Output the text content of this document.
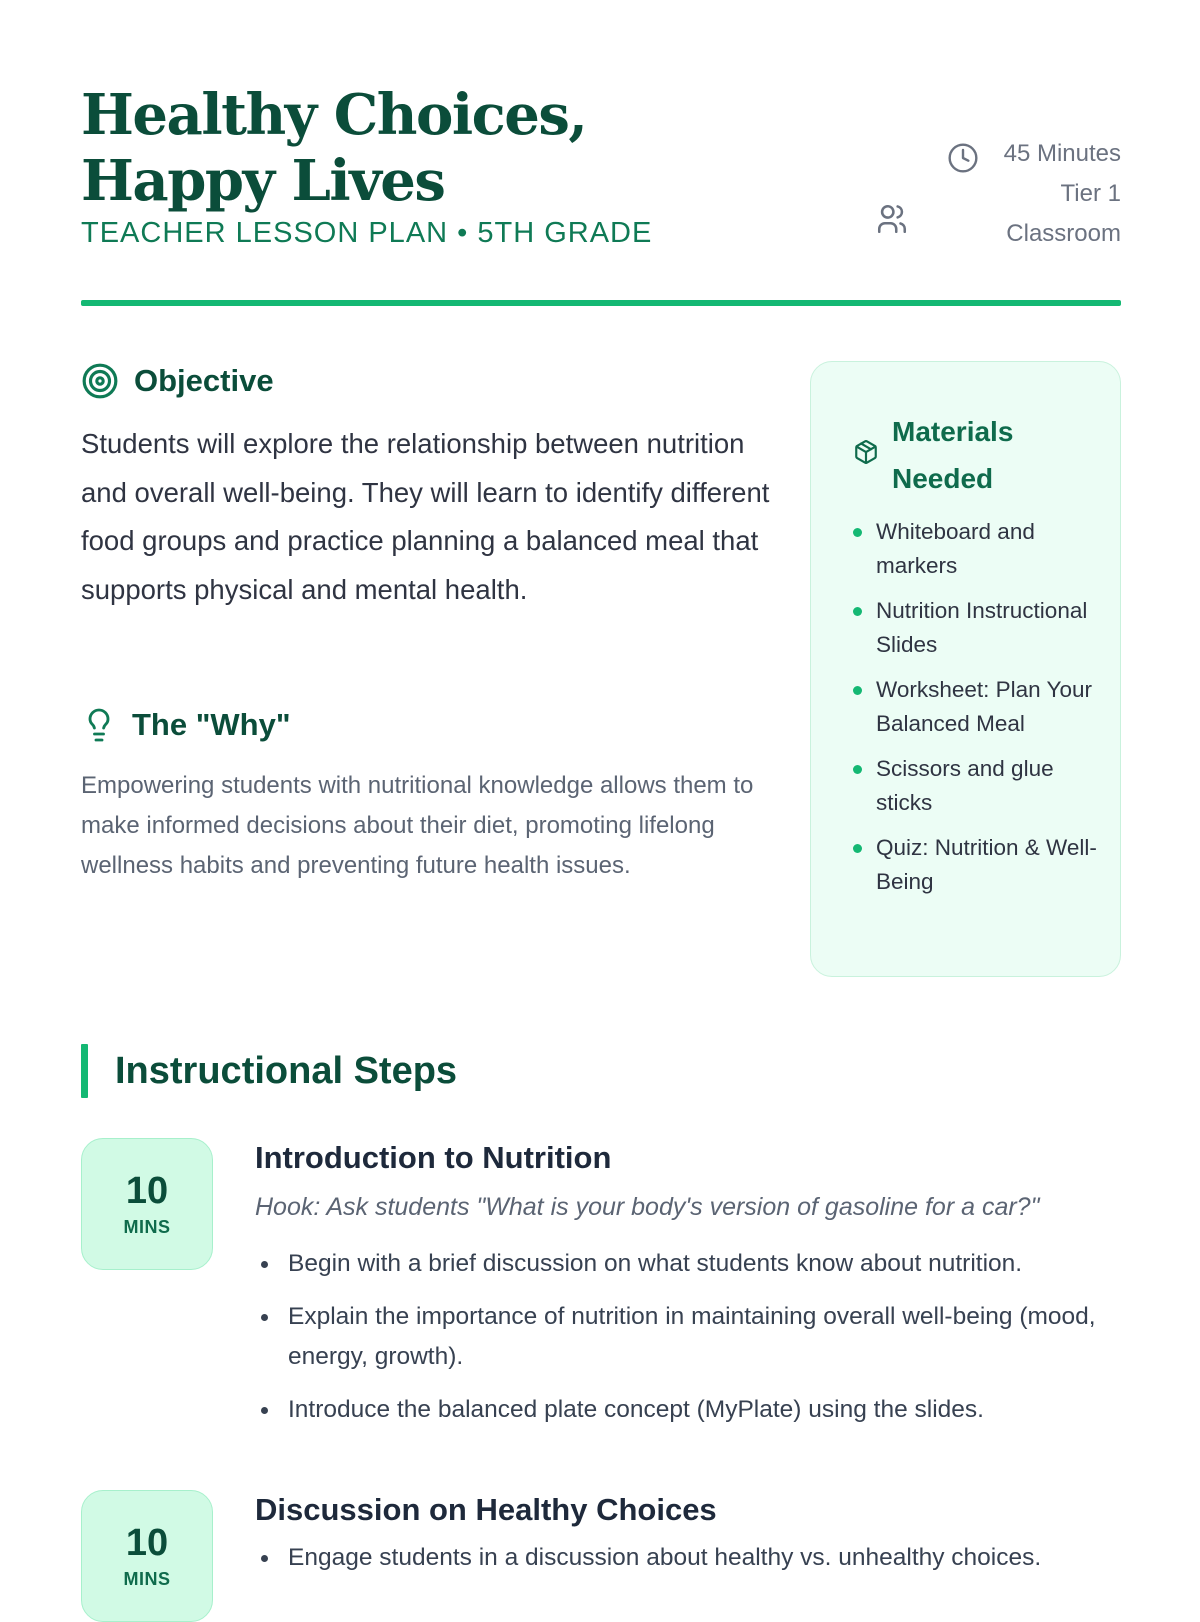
Healthy Choices, Happy Lives
TEACHER LESSON PLAN • 5TH GRADE
45 Minutes
Tier 1
Classroom
Objective

Students will explore the relationship between nutrition and overall well-being. They will learn to identify different food groups and practice planning a balanced meal that supports physical and mental health.

The "Why"

Empowering students with nutritional knowledge allows them to make informed decisions about their diet, promoting lifelong wellness habits and preventing future health issues.

Materials Needed
Whiteboard and markers
Nutrition Instructional Slides
Worksheet: Plan Your Balanced Meal
Scissors and glue sticks
Quiz: Nutrition & Well-Being
Instructional Steps
10
MINS
Introduction to Nutrition

Hook: Ask students "What is your body's version of gasoline for a car?"

Begin with a brief discussion on what students know about nutrition.
Explain the importance of nutrition in maintaining overall well-being (mood, energy, growth).
Introduce the balanced plate concept (MyPlate) using the slides.
10
MINS
Discussion on Healthy Choices
Engage students in a discussion about healthy vs. unhealthy choices.
